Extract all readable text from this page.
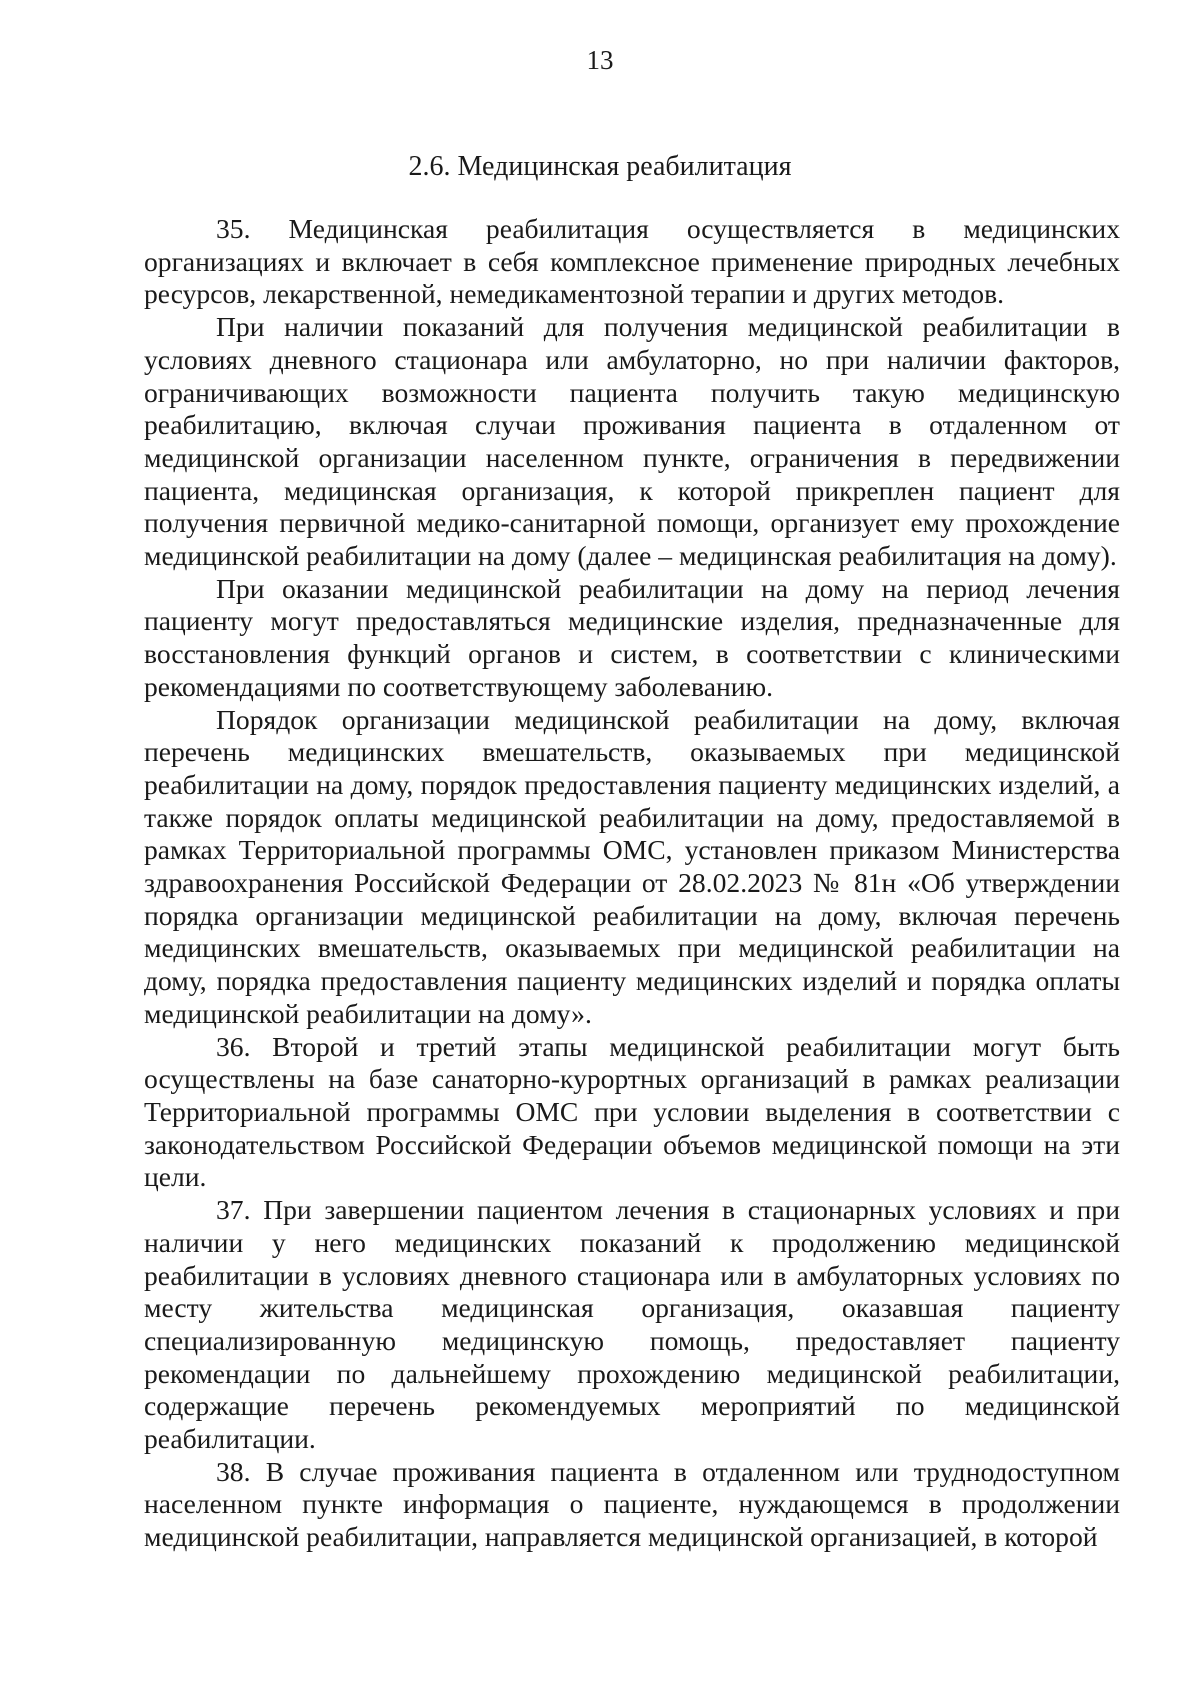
13
2.6. Медицинская реабилитация

35. Медицинская реабилитация осуществляется в медицинских организациях и включает в себя комплексное применение природных лечебных ресурсов, лекарственной, немедикаментозной терапии и других методов.

При наличии показаний для получения медицинской реабилитации в условиях дневного стационара или амбулаторно, но при наличии факторов, ограничивающих возможности пациента получить такую медицинскую реабилитацию, включая случаи проживания пациента в отдаленном от медицинской организации населенном пункте, ограничения в передвижении пациента, медицинская организация, к которой прикреплен пациент для получения первичной медико-санитарной помощи, организует ему прохождение медицинской реабилитации на дому (далее – медицинская реабилитация на дому).

При оказании медицинской реабилитации на дому на период лечения пациенту могут предоставляться медицинские изделия, предназначенные для восстановления функций органов и систем, в соответствии с клиническими рекомендациями по соответствующему заболеванию.

Порядок организации медицинской реабилитации на дому, включая перечень медицинских вмешательств, оказываемых при медицинской реабилитации на дому, порядок предоставления пациенту медицинских изделий, а также порядок оплаты медицинской реабилитации на дому, предоставляемой в рамках Территориальной программы ОМС, установлен приказом Министерства здравоохранения Российской Федерации от 28.02.2023 № 81н «Об утверждении порядка организации медицинской реабилитации на дому, включая перечень медицинских вмешательств, оказываемых при медицинской реабилитации на дому, порядка предоставления пациенту медицинских изделий и порядка оплаты медицинской реабилитации на дому».

36. Второй и третий этапы медицинской реабилитации могут быть осуществлены на базе санаторно-курортных организаций в рамках реализации Территориальной программы ОМС при условии выделения в соответствии с законодательством Российской Федерации объемов медицинской помощи на эти цели.

37. При завершении пациентом лечения в стационарных условиях и при наличии у него медицинских показаний к продолжению медицинской реабилитации в условиях дневного стационара или в амбулаторных условиях по месту жительства медицинская организация, оказавшая пациенту специализированную медицинскую помощь, предоставляет пациенту рекомендации по дальнейшему прохождению медицинской реабилитации, содержащие перечень рекомендуемых мероприятий по медицинской реабилитации.

38. В случае проживания пациента в отдаленном или труднодоступном населенном пункте информация о пациенте, нуждающемся в продолжении медицинской реабилитации, направляется медицинской организацией, в которой
